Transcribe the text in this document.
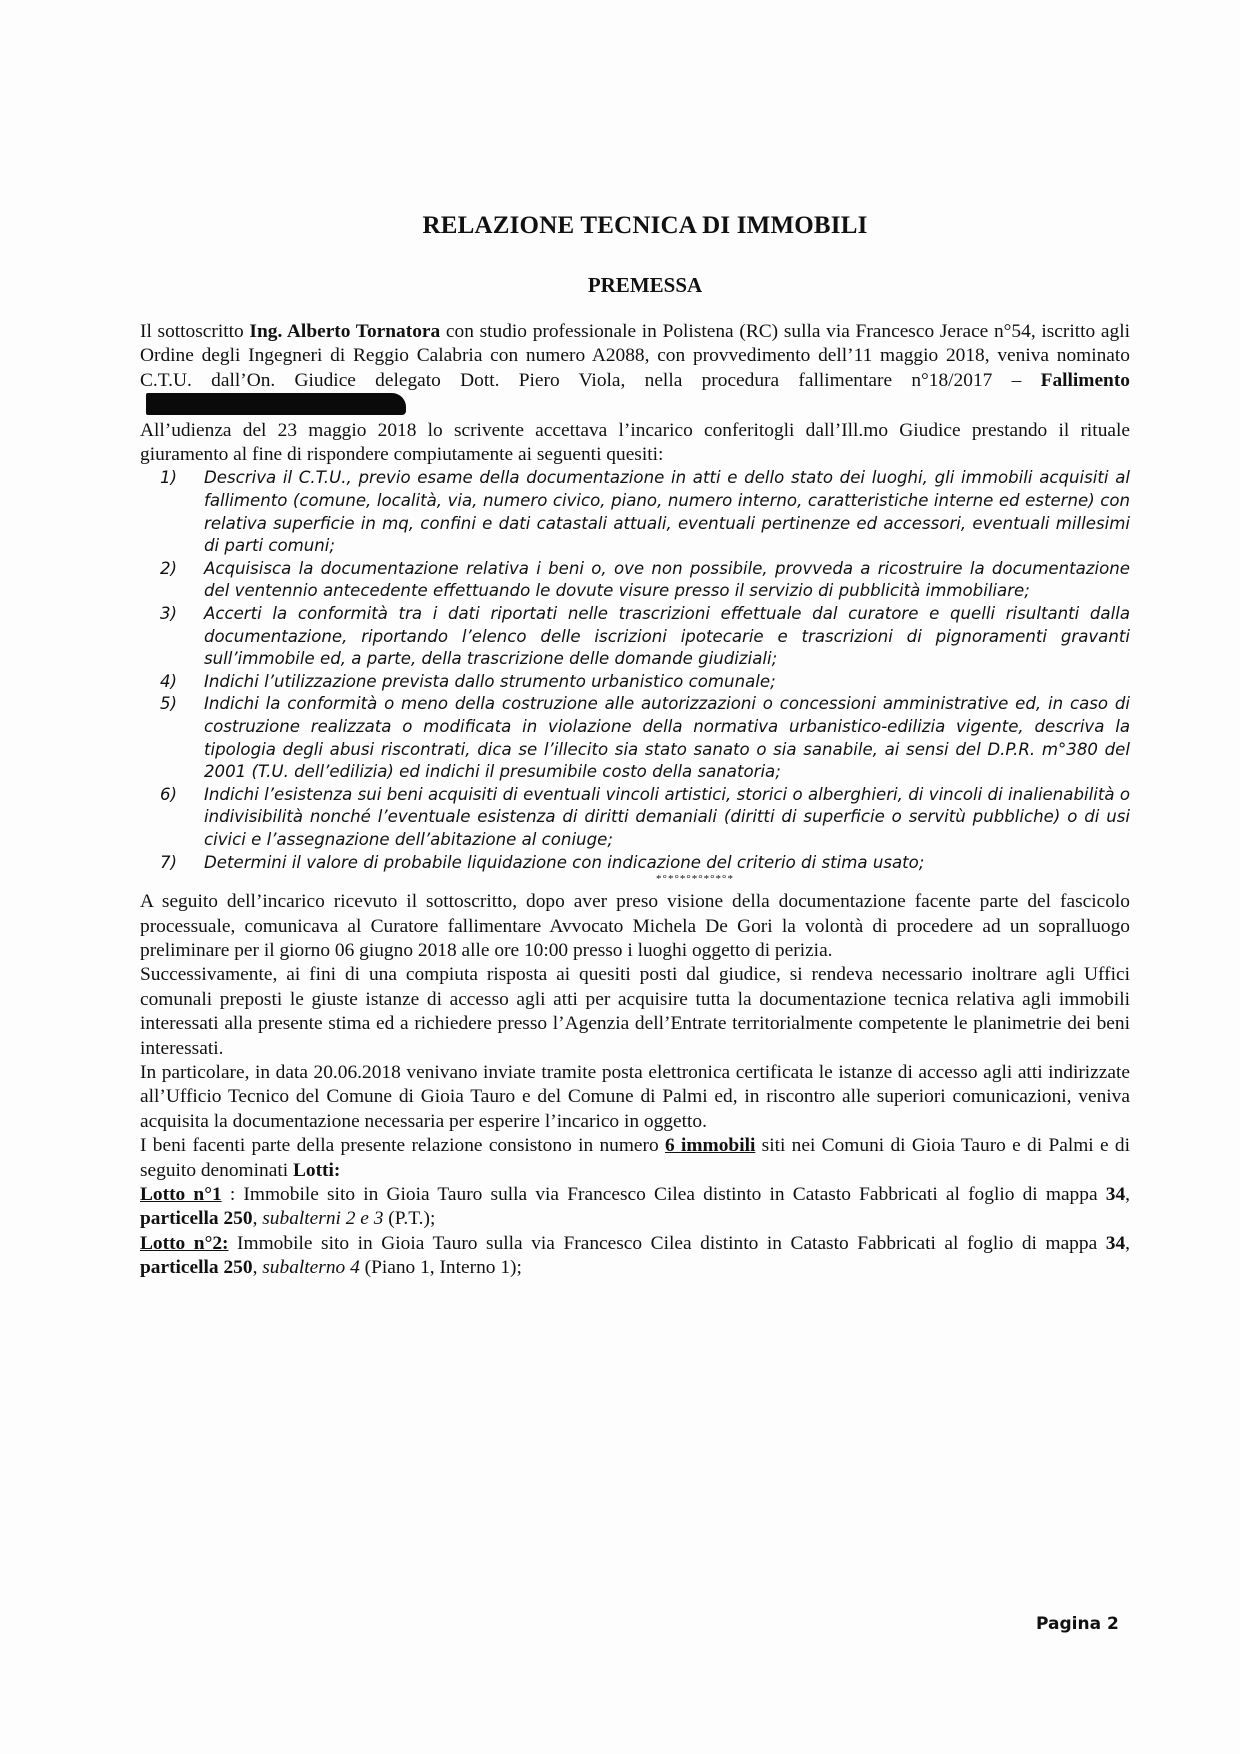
RELAZIONE TECNICA DI IMMOBILI
PREMESSA

Il sottoscritto Ing. Alberto Tornatora con studio professionale in Polistena (RC) sulla via Francesco Jerace n°54, iscritto agli Ordine degli Ingegneri di Reggio Calabria con numero A2088, con provvedimento dell’11 maggio 2018, veniva nominato C.T.U. dall’On. Giudice delegato Dott. Piero Viola, nella procedura fallimentare n°18/2017 – Fallimento

All’udienza del 23 maggio 2018 lo scrivente accettava l’incarico conferitogli dall’Ill.mo Giudice prestando il rituale giuramento al fine di rispondere compiutamente ai seguenti quesiti:

1) Descriva il C.T.U., previo esame della documentazione in atti e dello stato dei luoghi, gli immobili acquisiti al fallimento (comune, località, via, numero civico, piano, numero interno, caratteristiche interne ed esterne) con relativa superficie in mq, confini e dati catastali attuali, eventuali pertinenze ed accessori, eventuali millesimi di parti comuni;
2) Acquisisca la documentazione relativa i beni o, ove non possibile, provveda a ricostruire la documentazione del ventennio antecedente effettuando le dovute visure presso il servizio di pubblicità immobiliare;
3) Accerti la conformità tra i dati riportati nelle trascrizioni effettuale dal curatore e quelli risultanti dalla documentazione, riportando l’elenco delle iscrizioni ipotecarie e trascrizioni di pignoramenti gravanti sull’immobile ed, a parte, della trascrizione delle domande giudiziali;
4) Indichi l’utilizzazione prevista dallo strumento urbanistico comunale;
5) Indichi la conformità o meno della costruzione alle autorizzazioni o concessioni amministrative ed, in caso di costruzione realizzata o modificata in violazione della normativa urbanistico-edilizia vigente, descriva la tipologia degli abusi riscontrati, dica se l’illecito sia stato sanato o sia sanabile, ai sensi del D.P.R. m°380 del 2001 (T.U. dell’edilizia) ed indichi il presumibile costo della sanatoria;
6) Indichi l’esistenza sui beni acquisiti di eventuali vincoli artistici, storici o alberghieri, di vincoli di inalienabilità o indivisibilità nonché l’eventuale esistenza di diritti demaniali (diritti di superficie o servitù pubbliche) o di usi civici e l’assegnazione dell’abitazione al coniuge;
7) Determini il valore di probabile liquidazione con indicazione del criterio di stima usato;
*°*°*°*°*°*°*

A seguito dell’incarico ricevuto il sottoscritto, dopo aver preso visione della documentazione facente parte del fascicolo processuale, comunicava al Curatore fallimentare Avvocato Michela De Gori la volontà di procedere ad un sopralluogo preliminare per il giorno 06 giugno 2018 alle ore 10:00 presso i luoghi oggetto di perizia.

Successivamente, ai fini di una compiuta risposta ai quesiti posti dal giudice, si rendeva necessario inoltrare agli Uffici comunali preposti le giuste istanze di accesso agli atti per acquisire tutta la documentazione tecnica relativa agli immobili interessati alla presente stima ed a richiedere presso l’Agenzia dell’Entrate territorialmente competente le planimetrie dei beni interessati.

In particolare, in data 20.06.2018 venivano inviate tramite posta elettronica certificata le istanze di accesso agli atti indirizzate all’Ufficio Tecnico del Comune di Gioia Tauro e del Comune di Palmi ed, in riscontro alle superiori comunicazioni, veniva acquisita la documentazione necessaria per esperire l’incarico in oggetto.

I beni facenti parte della presente relazione consistono in numero 6 immobili siti nei Comuni di Gioia Tauro e di Palmi e di seguito denominati Lotti:

Lotto n°1 : Immobile sito in Gioia Tauro sulla via Francesco Cilea distinto in Catasto Fabbricati al foglio di mappa 34, particella 250, subalterni 2 e 3 (P.T.);

Lotto n°2: Immobile sito in Gioia Tauro sulla via Francesco Cilea distinto in Catasto Fabbricati al foglio di mappa 34, particella 250, subalterno 4 (Piano 1, Interno 1);

Pagina 2
